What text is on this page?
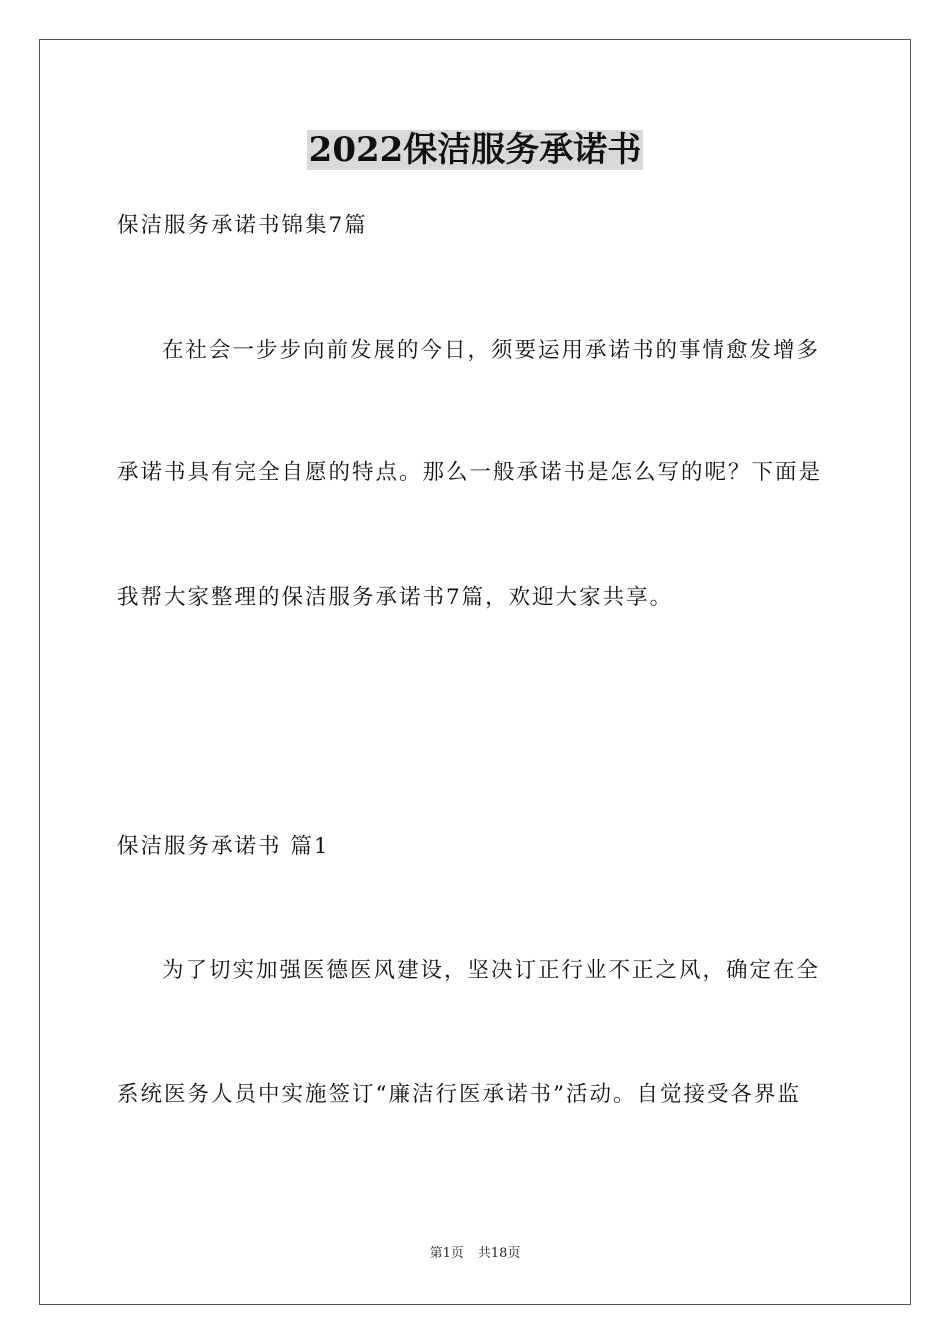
2022保洁服务承诺书
保洁服务承诺书锦集7篇
在社会一步步向前发展的今日，须要运用承诺书的事情愈发增多
承诺书具有完全自愿的特点。那么一般承诺书是怎么写的呢？下面是
我帮大家整理的保洁服务承诺书7篇，欢迎大家共享。
保洁服务承诺书 篇1
为了切实加强医德医风建设，坚决订正行业不正之风，确定在全
系统医务人员中实施签订“廉洁行医承诺书”活动。自觉接受各界监
第1页 共18页
